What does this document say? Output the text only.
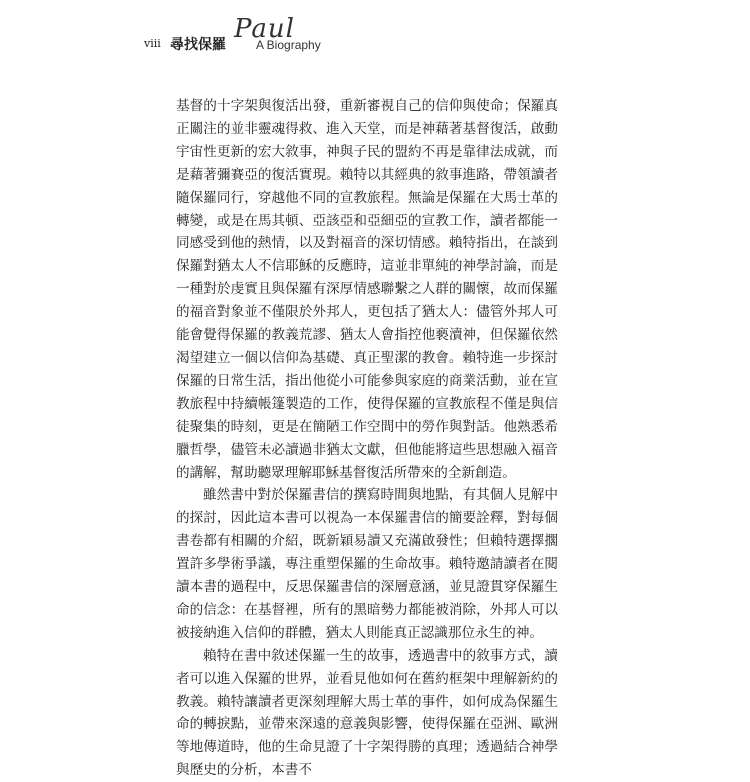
viii 尋找保羅
Paul
A Biography

基督的十字架與復活出發，重新審視自己的信仰與使命；保羅真正關注的並非靈魂得救、進入天堂，而是神藉著基督復活，啟動宇宙性更新的宏大敘事，神與子民的盟約不再是靠律法成就，而是藉著彌賽亞的復活實現。賴特以其經典的敘事進路，帶領讀者隨保羅同行，穿越他不同的宣教旅程。無論是保羅在大馬士革的轉變，或是在馬其頓、亞該亞和亞細亞的宣教工作，讀者都能一同感受到他的熱情，以及對福音的深切情感。賴特指出，在談到保羅對猶太人不信耶穌的反應時，這並非單純的神學討論，而是一種對於虔實且與保羅有深厚情感聯繫之人群的關懷，故而保羅的福音對象並不僅限於外邦人，更包括了猶太人：儘管外邦人可能會覺得保羅的教義荒謬、猶太人會指控他褻瀆神，但保羅依然渴望建立一個以信仰為基礎、真正聖潔的教會。賴特進一步探討保羅的日常生活，指出他從小可能參與家庭的商業活動，並在宣教旅程中持續帳篷製造的工作，使得保羅的宣教旅程不僅是與信徒聚集的時刻，更是在簡陋工作空間中的勞作與對話。他熟悉希臘哲學，儘管未必讀過非猶太文獻，但他能將這些思想融入福音的講解，幫助聽眾理解耶穌基督復活所帶來的全新創造。

雖然書中對於保羅書信的撰寫時間與地點，有其個人見解中的探討，因此這本書可以視為一本保羅書信的簡要詮釋，對每個書卷都有相關的介紹，既新穎易讀又充滿啟發性；但賴特選擇擱置許多學術爭議，專注重塑保羅的生命故事。賴特邀請讀者在閱讀本書的過程中，反思保羅書信的深層意涵，並見證貫穿保羅生命的信念：在基督裡，所有的黑暗勢力都能被消除，外邦人可以被接納進入信仰的群體，猶太人則能真正認識那位永生的神。

賴特在書中敘述保羅一生的故事，透過書中的敘事方式，讀者可以進入保羅的世界，並看見他如何在舊約框架中理解新約的教義。賴特讓讀者更深刻理解大馬士革的事件，如何成為保羅生命的轉捩點，並帶來深遠的意義與影響，使得保羅在亞洲、歐洲等地傳道時，他的生命見證了十字架得勝的真理；透過結合神學與歷史的分析，本書不
